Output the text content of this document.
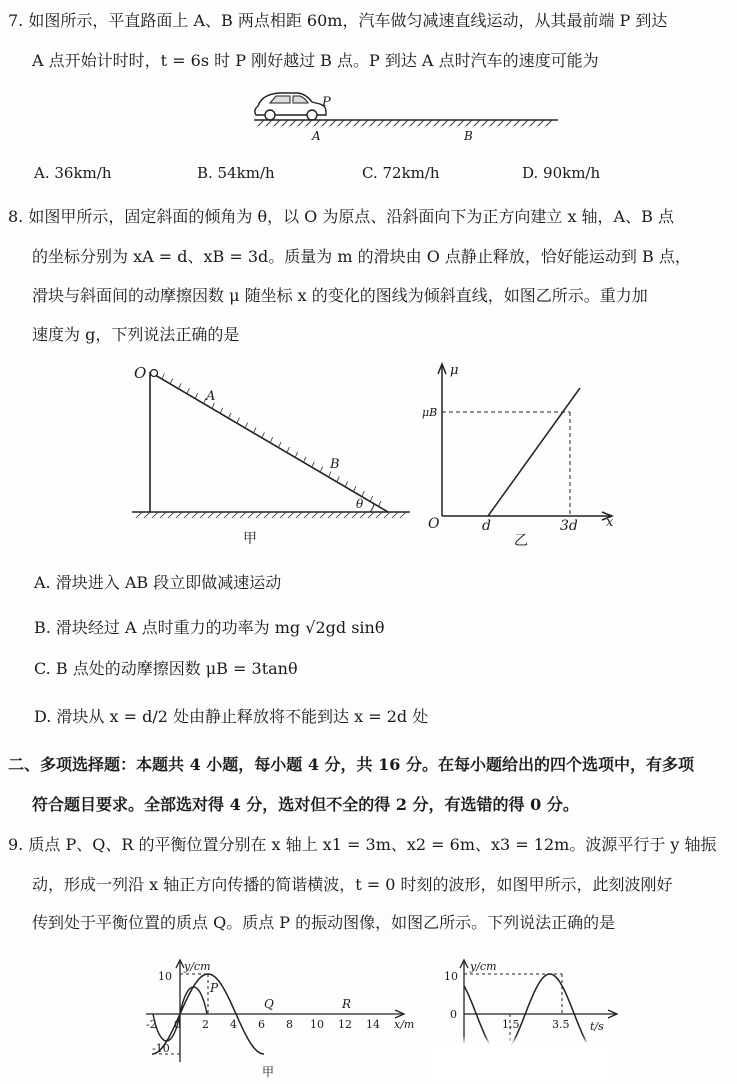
7. 如图所示，平直路面上 A、B 两点相距 60m，汽车做匀减速直线运动，从其最前端 P 到达
A 点开始计时时，t = 6s 时 P 刚好越过 B 点。P 到达 A 点时汽车的速度可能为
P
A	B
A. 36km/h	B. 54km/h	C. 72km/h	D. 90km/h
8. 如图甲所示，固定斜面的倾角为 θ，以 O 为原点、沿斜面向下为正方向建立 x 轴，A、B 点
的坐标分别为 xA = d、xB = 3d。质量为 m 的滑块由 O 点静止释放，恰好能运动到 B 点，
滑块与斜面间的动摩擦因数 μ 随坐标 x 的变化的图线为倾斜直线，如图乙所示。重力加
速度为 g，下列说法正确的是
O
A
B
θ
甲
μ
μB
O	d	3d x
乙
A. 滑块进入 AB 段立即做减速运动
B. 滑块经过 A 点时重力的功率为 mg √2gd sinθ
C. B 点处的动摩擦因数 μB = 3tanθ
D. 滑块从 x = d/2 处由静止释放将不能到达 x = 2d 处
二、多项选择题：本题共 4 小题，每小题 4 分，共 16 分。在每小题给出的四个选项中，有多项
符合题目要求。全部选对得 4 分，选对但不全的得 2 分，有选错的得 0 分。
9. 质点 P、Q、R 的平衡位置分别在 x 轴上 x1 = 3m、x2 = 6m、x3 = 12m。波源平行于 y 轴振
动，形成一列沿 x 轴正方向传播的简谐横波，t = 0 时刻的波形，如图甲所示，此刻波刚好
传到处于平衡位置的质点 Q。质点 P 的振动图像，如图乙所示。下列说法正确的是
y/cm
10
-10
x/m
-2 0 2 4 6 8 10 12 14
P
Q	R
甲
y/cm
10
0
1.5	3.5 t/s
